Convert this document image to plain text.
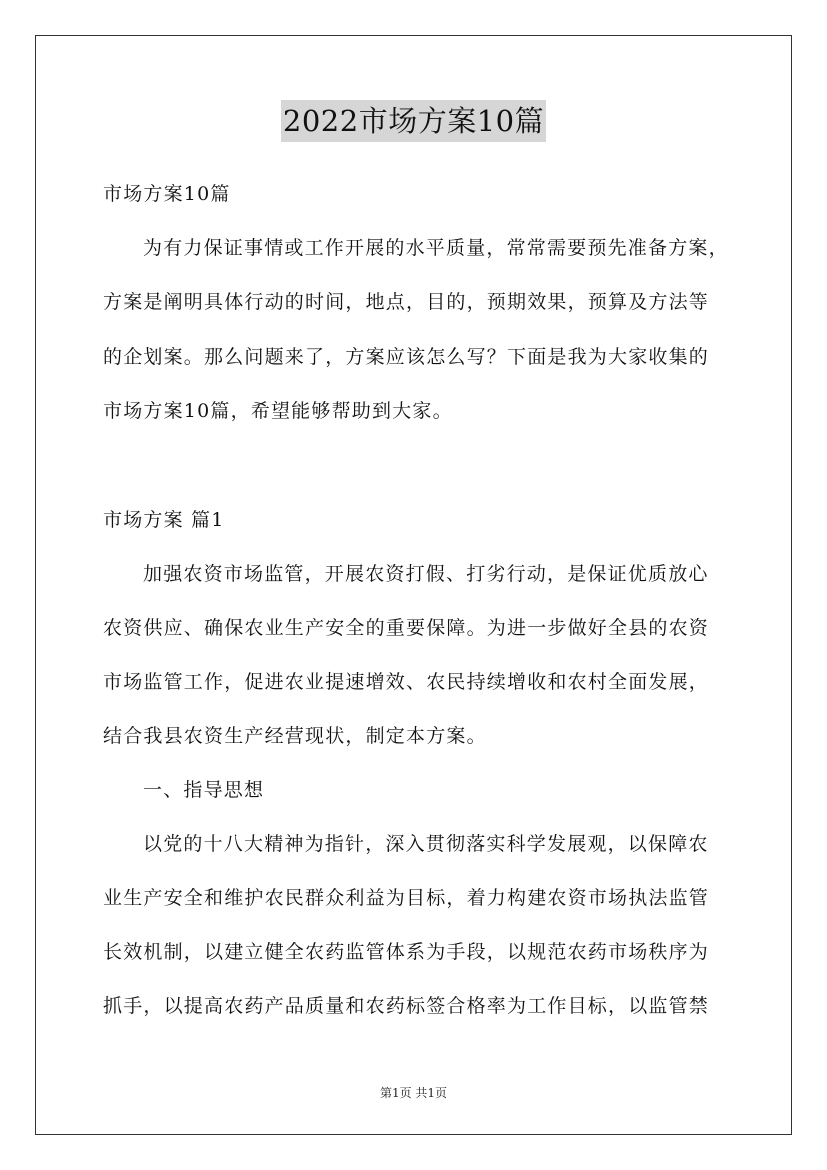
2022市场方案10篇
市场方案10篇
为有力保证事情或工作开展的水平质量，常常需要预先准备方案，
方案是阐明具体行动的时间，地点，目的，预期效果，预算及方法等
的企划案。那么问题来了，方案应该怎么写？下面是我为大家收集的
市场方案10篇，希望能够帮助到大家。
市场方案 篇1
加强农资市场监管，开展农资打假、打劣行动，是保证优质放心
农资供应、确保农业生产安全的重要保障。为进一步做好全县的农资
市场监管工作，促进农业提速增效、农民持续增收和农村全面发展，
结合我县农资生产经营现状，制定本方案。
一、指导思想
以党的十八大精神为指针，深入贯彻落实科学发展观，以保障农
业生产安全和维护农民群众利益为目标，着力构建农资市场执法监管
长效机制，以建立健全农药监管体系为手段，以规范农药市场秩序为
抓手，以提高农药产品质量和农药标签合格率为工作目标，以监管禁
第1页 共1页
